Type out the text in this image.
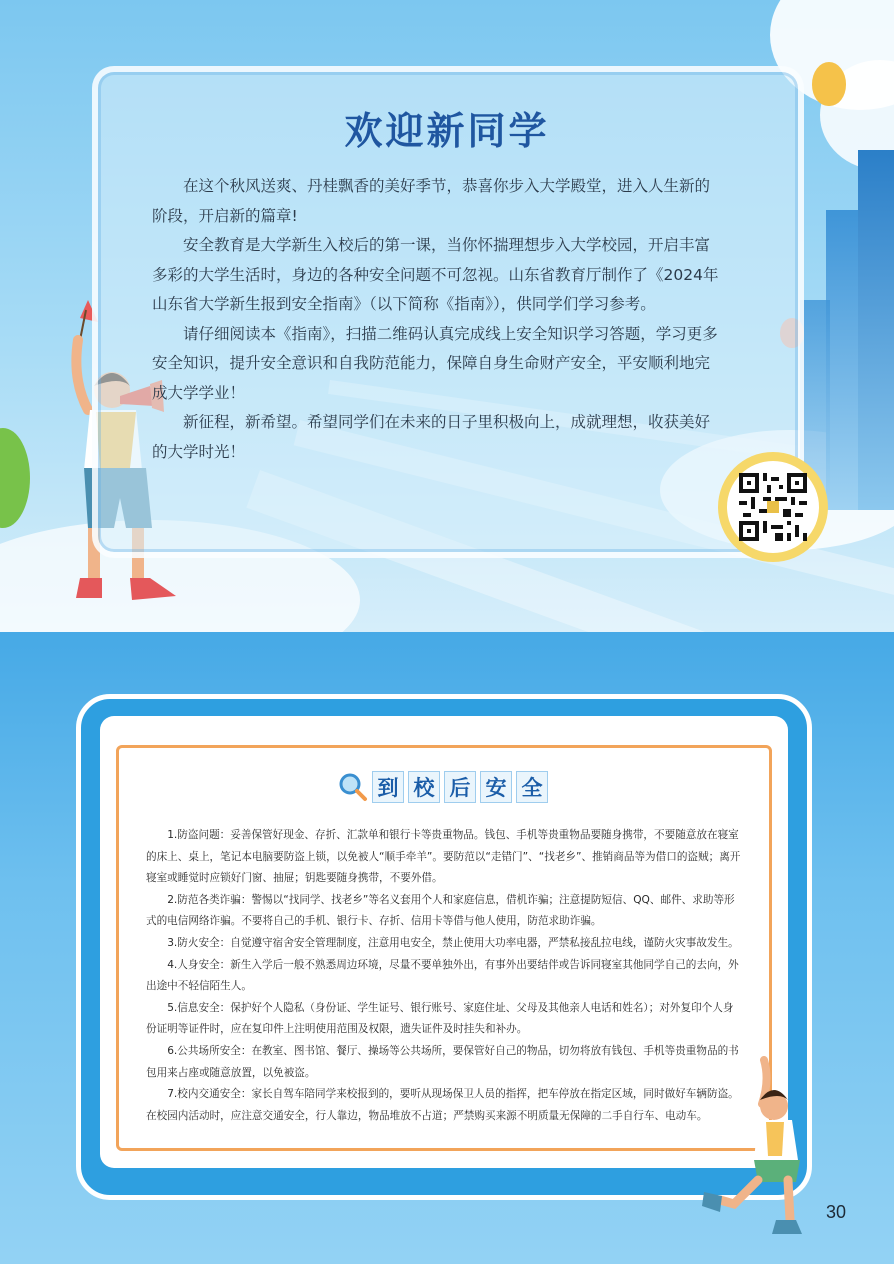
欢迎新同学

在这个秋风送爽、丹桂飘香的美好季节，恭喜你步入大学殿堂，进入人生新的阶段，开启新的篇章!

安全教育是大学新生入校后的第一课，当你怀揣理想步入大学校园，开启丰富多彩的大学生活时，身边的各种安全问题不可忽视。山东省教育厅制作了《2024年山东省大学新生报到安全指南》（以下简称《指南》），供同学们学习参考。

请仔细阅读本《指南》，扫描二维码认真完成线上安全知识学习答题，学习更多安全知识，提升安全意识和自我防范能力，保障自身生命财产安全，平安顺利地完成大学学业！

新征程，新希望。希望同学们在未来的日子里积极向上，成就理想，收获美好的大学时光！

到 校 后 安 全

1.防盗问题：妥善保管好现金、存折、汇款单和银行卡等贵重物品。钱包、手机等贵重物品要随身携带，不要随意放在寝室的床上、桌上，笔记本电脑要防盗上锁，以免被人“顺手牵羊”。要防范以“走错门”、“找老乡”、推销商品等为借口的盗贼；离开寝室或睡觉时应锁好门窗、抽屉；钥匙要随身携带，不要外借。

2.防范各类诈骗：警惕以“找同学、找老乡”等名义套用个人和家庭信息，借机诈骗；注意提防短信、QQ、邮件、求助等形式的电信网络诈骗。不要将自己的手机、银行卡、存折、信用卡等借与他人使用，防范求助诈骗。

3.防火安全：自觉遵守宿舍安全管理制度，注意用电安全，禁止使用大功率电器，严禁私接乱拉电线，谨防火灾事故发生。

4.人身安全：新生入学后一般不熟悉周边环境，尽量不要单独外出，有事外出要结伴或告诉同寝室其他同学自己的去向，外出途中不轻信陌生人。

5.信息安全：保护好个人隐私（身份证、学生证号、银行账号、家庭住址、父母及其他亲人电话和姓名）；对外复印个人身份证明等证件时，应在复印件上注明使用范围及权限，遗失证件及时挂失和补办。

6.公共场所安全：在教室、图书馆、餐厅、操场等公共场所，要保管好自己的物品，切勿将放有钱包、手机等贵重物品的书包用来占座或随意放置，以免被盗。

7.校内交通安全：家长自驾车陪同学来校报到的，要听从现场保卫人员的指挥，把车停放在指定区域，同时做好车辆防盗。在校园内活动时，应注意交通安全，行人靠边，物品堆放不占道；严禁购买来源不明质量无保障的二手自行车、电动车。

30
